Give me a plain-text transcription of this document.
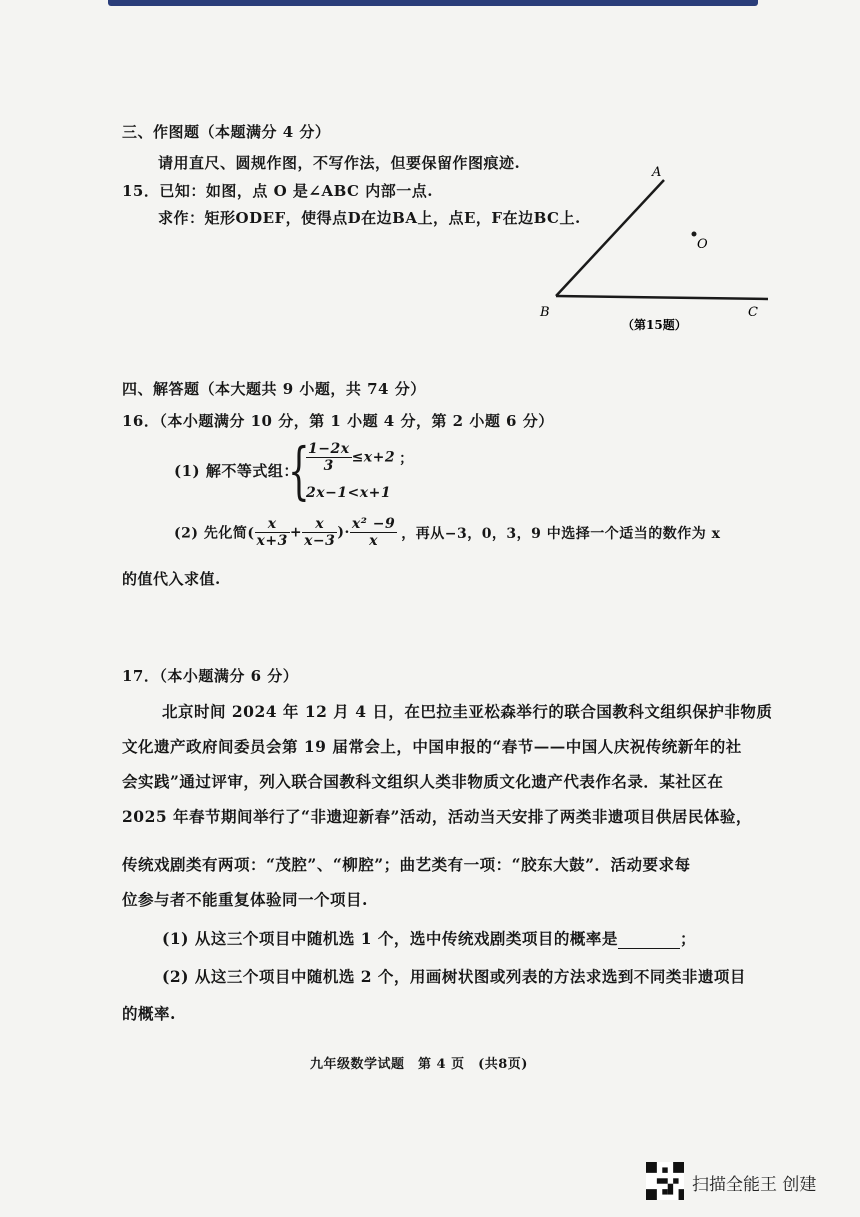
三、作图题（本题满分 4 分）
请用直尺、圆规作图，不写作法，但要保留作图痕迹.
15．已知：如图，点 O 是∠ABC 内部一点.
求作：矩形ODEF，使得点D在边BA上，点E，F在边BC上.
A
B	C
O
（第15题）
四、解答题（本大题共 9 小题，共 74 分）
16．（本小题满分 10 分，第 1 小题 4 分，第 2 小题 6 分）
(1) 解不等式组：
{
$\frac{1-2x}{3} \le x+2$ ；
2x−1<x+1
(2) 先化简( $\frac{x}{x+3} + \frac{x}{x-3}$ )· $\frac{\text{x² −9}}{x}$ ，再从−3，0，3，9 中选择一个适当的数作为 x
的值代入求值.
17．（本小题满分 6 分）
北京时间 2024 年 12 月 4 日，在巴拉圭亚松森举行的联合国教科文组织保护非物质
文化遗产政府间委员会第 19 届常会上，中国申报的“春节——中国人庆祝传统新年的社
会实践”通过评审，列入联合国教科文组织人类非物质文化遗产代表作名录．某社区在
2025 年春节期间举行了“非遗迎新春”活动，活动当天安排了两类非遗项目供居民体验，
传统戏剧类有两项：“茂腔”、“柳腔”；曲艺类有一项：“胶东大鼓”．活动要求每
位参与者不能重复体验同一个项目.
(1) 从这三个项目中随机选 1 个，选中传统戏剧类项目的概率是	；
(2) 从这三个项目中随机选 2 个，用画树状图或列表的方法求选到不同类非遗项目
的概率.
九年级数学试题　第 4 页　(共8页)
扫描全能王 创建
